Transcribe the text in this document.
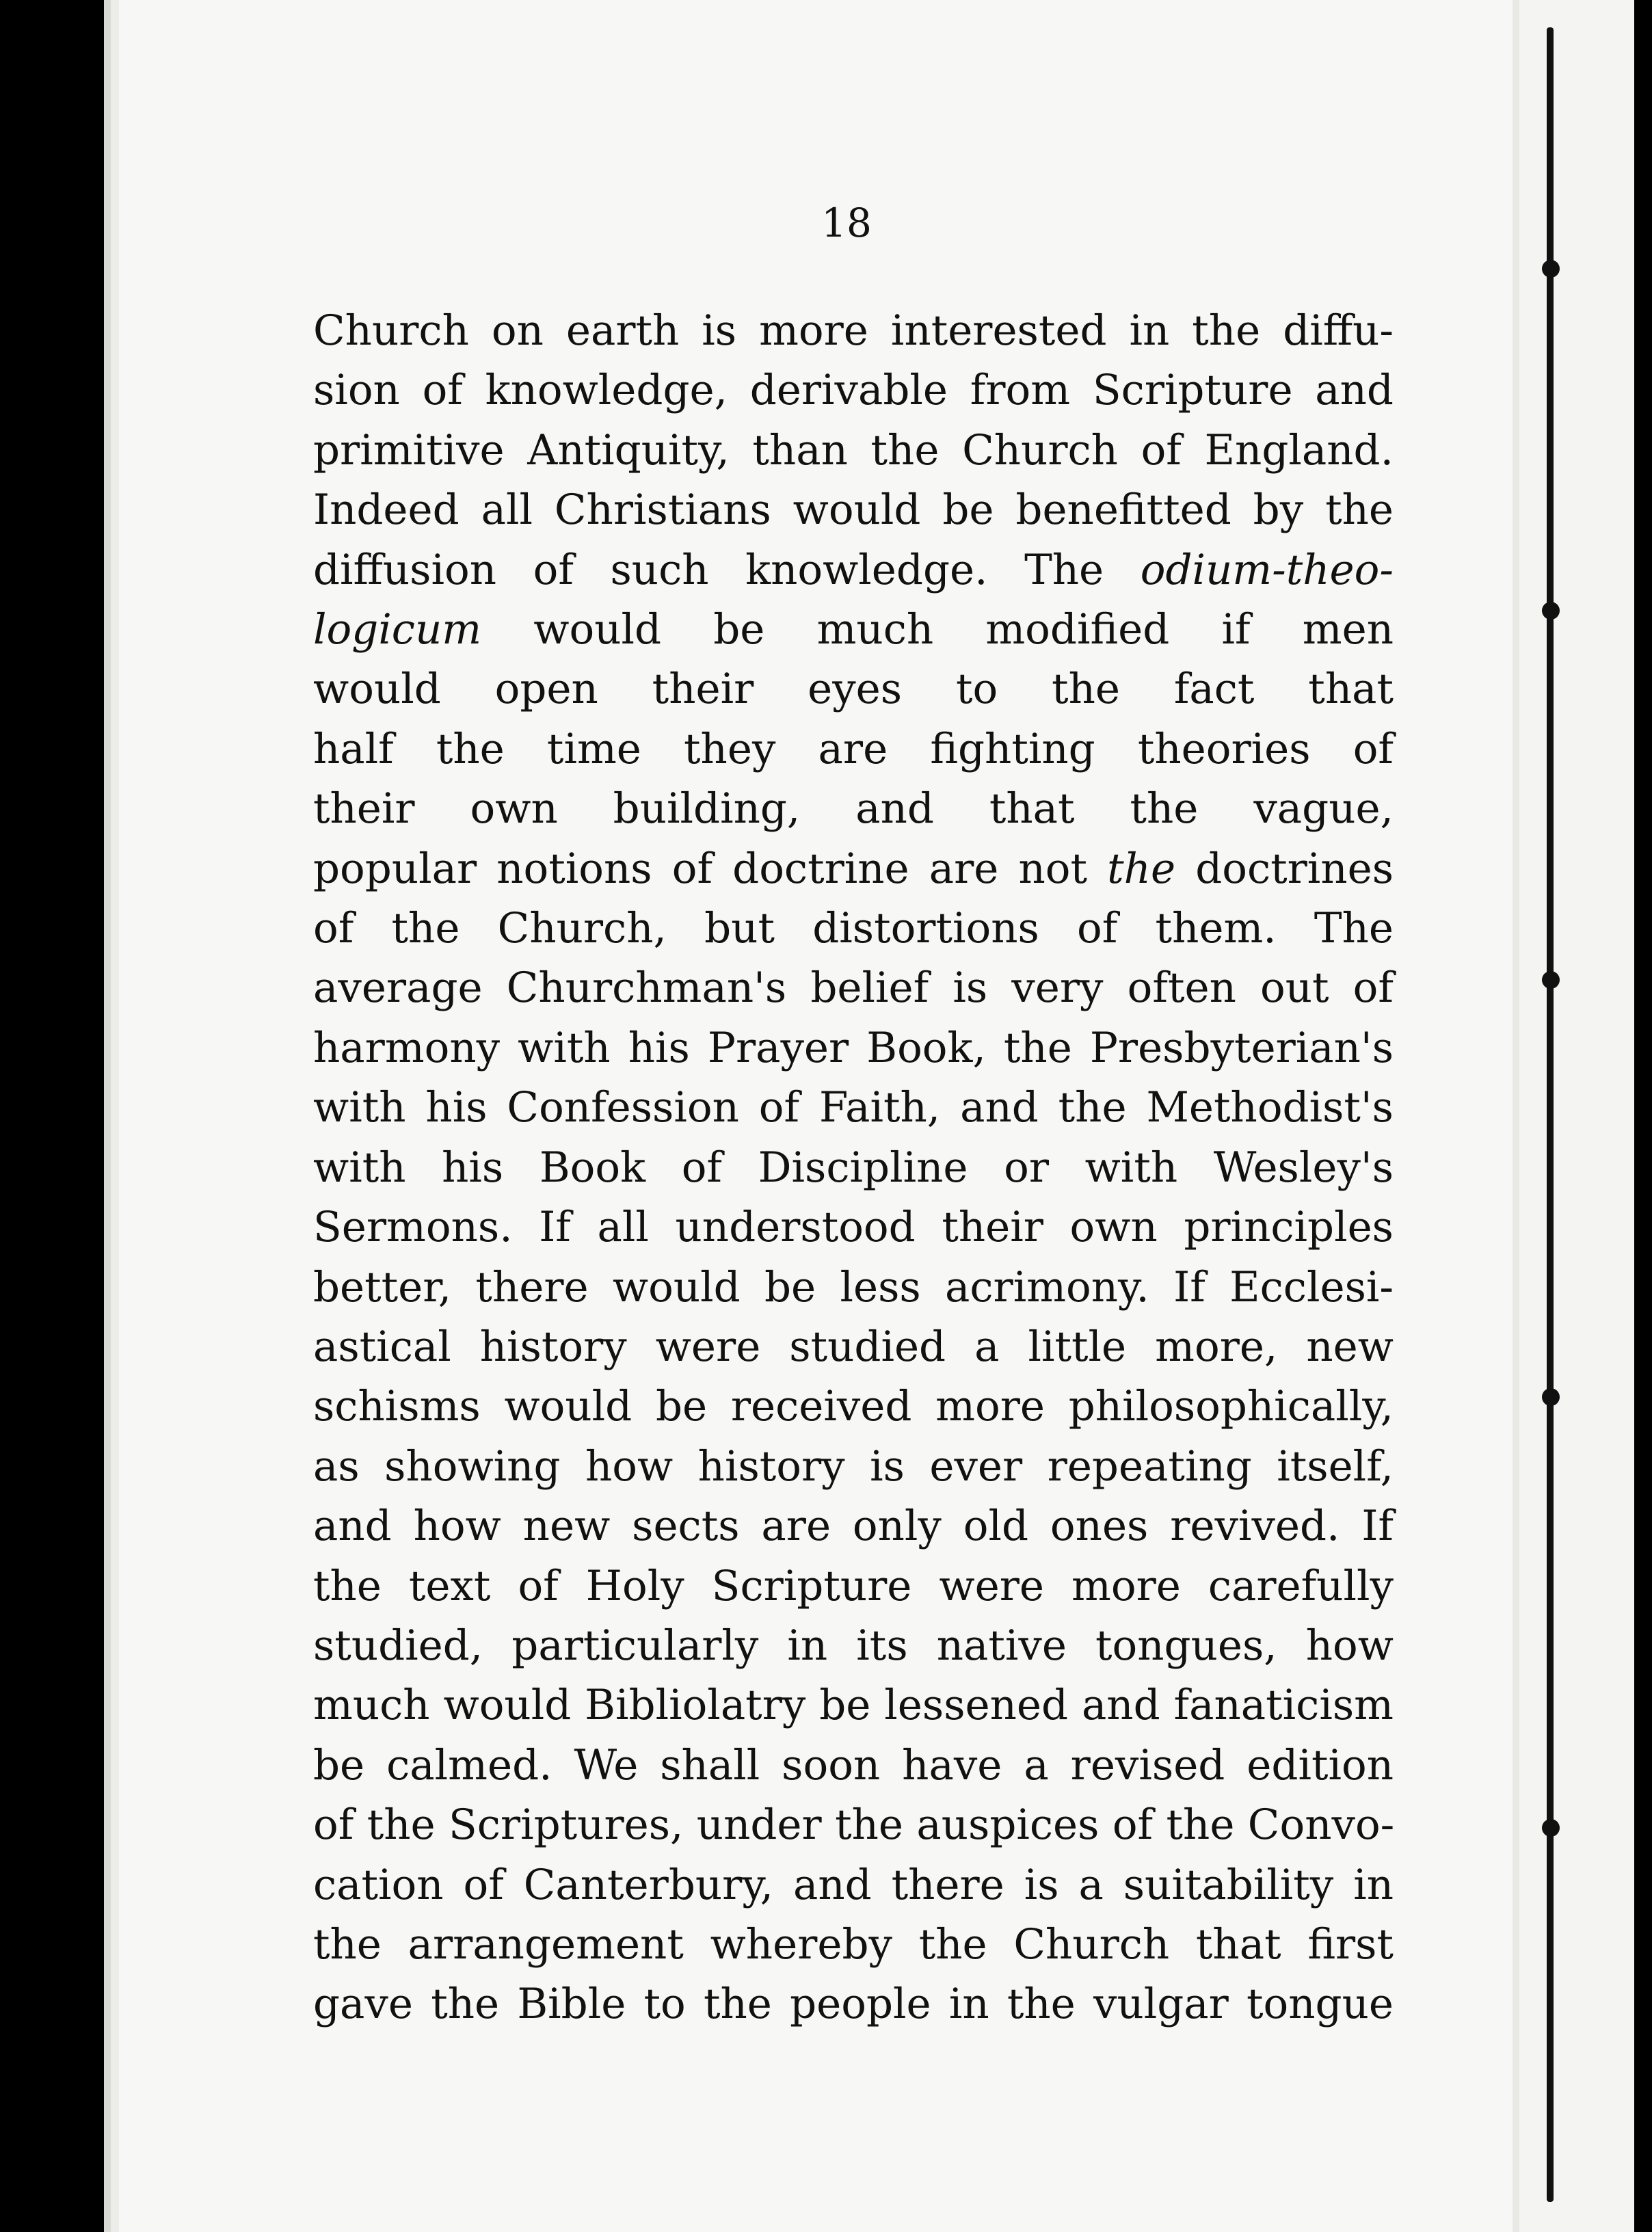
18
Church on earth is more interested in the diffu-
sion of knowledge, derivable from Scripture and
primitive Antiquity, than the Church of England.
Indeed all Christians would be benefitted by the
diffusion of such knowledge. The odium-theo-
logicum would be much modified if men
would open their eyes to the fact that
half the time they are fighting theories of
their own building, and that the vague,
popular notions of doctrine are not the doctrines
of the Church, but distortions of them. The
average Churchman's belief is very often out of
harmony with his Prayer Book, the Presbyterian's
with his Confession of Faith, and the Methodist's
with his Book of Discipline or with Wesley's
Sermons. If all understood their own principles
better, there would be less acrimony. If Ecclesi-
astical history were studied a little more, new
schisms would be received more philosophically,
as showing how history is ever repeating itself,
and how new sects are only old ones revived. If
the text of Holy Scripture were more carefully
studied, particularly in its native tongues, how
much would Bibliolatry be lessened and fanaticism
be calmed. We shall soon have a revised edition
of the Scriptures, under the auspices of the Convo-
cation of Canterbury, and there is a suitability in
the arrangement whereby the Church that first
gave the Bible to the people in the vulgar tongue
